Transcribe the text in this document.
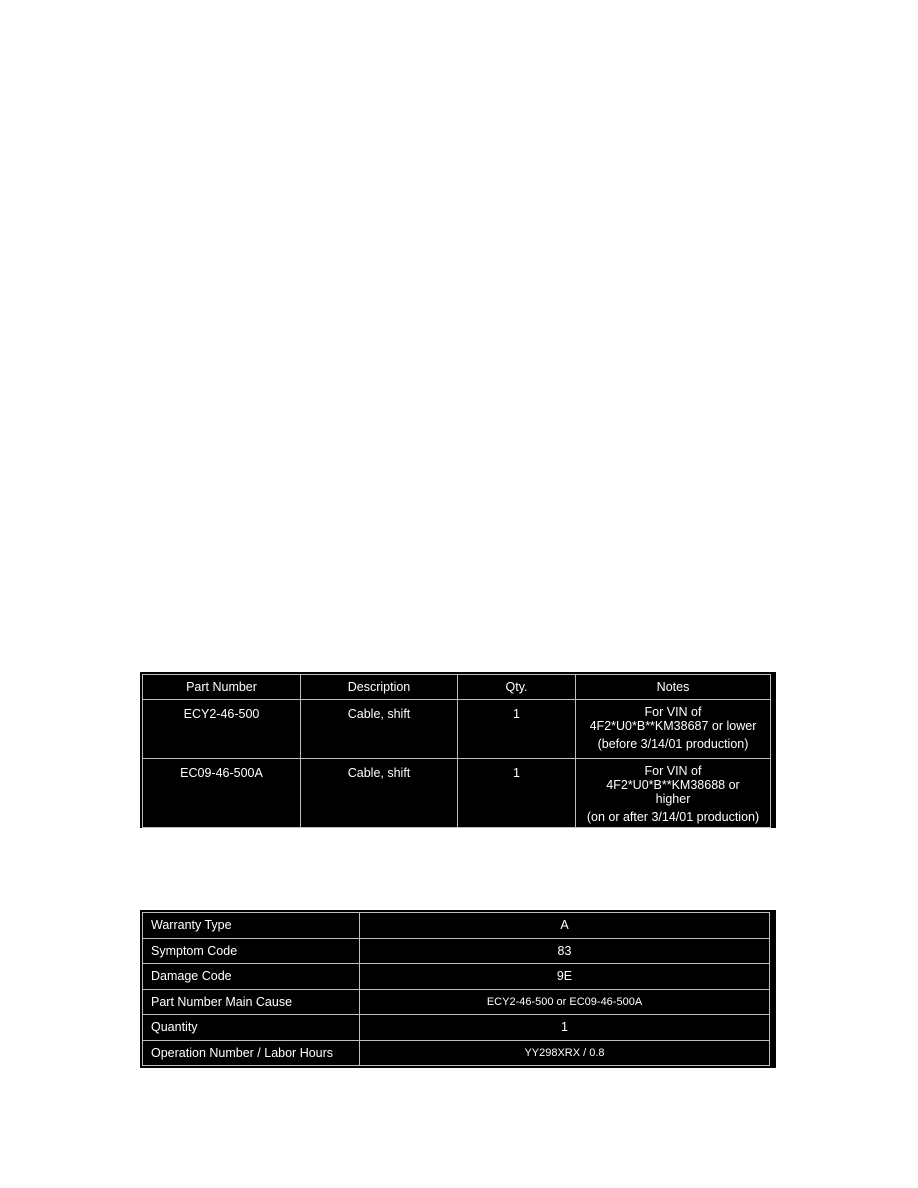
Part Number	Description	Qty.	Notes

ECY2-46-500	Cable, shift	1	For VIN of
4F2*U0*B**KM38687 or lower
(before 3/14/01 production)

EC09-46-500A	Cable, shift	1	For VIN of
4F2*U0*B**KM38688 or
higher
(on or after 3/14/01 production)
Warranty Type	A
Symptom Code	83
Damage Code	9E
Part Number Main Cause	ECY2-46-500 or EC09-46-500A
Quantity	1
Operation Number / Labor Hours	YY298XRX / 0.8
